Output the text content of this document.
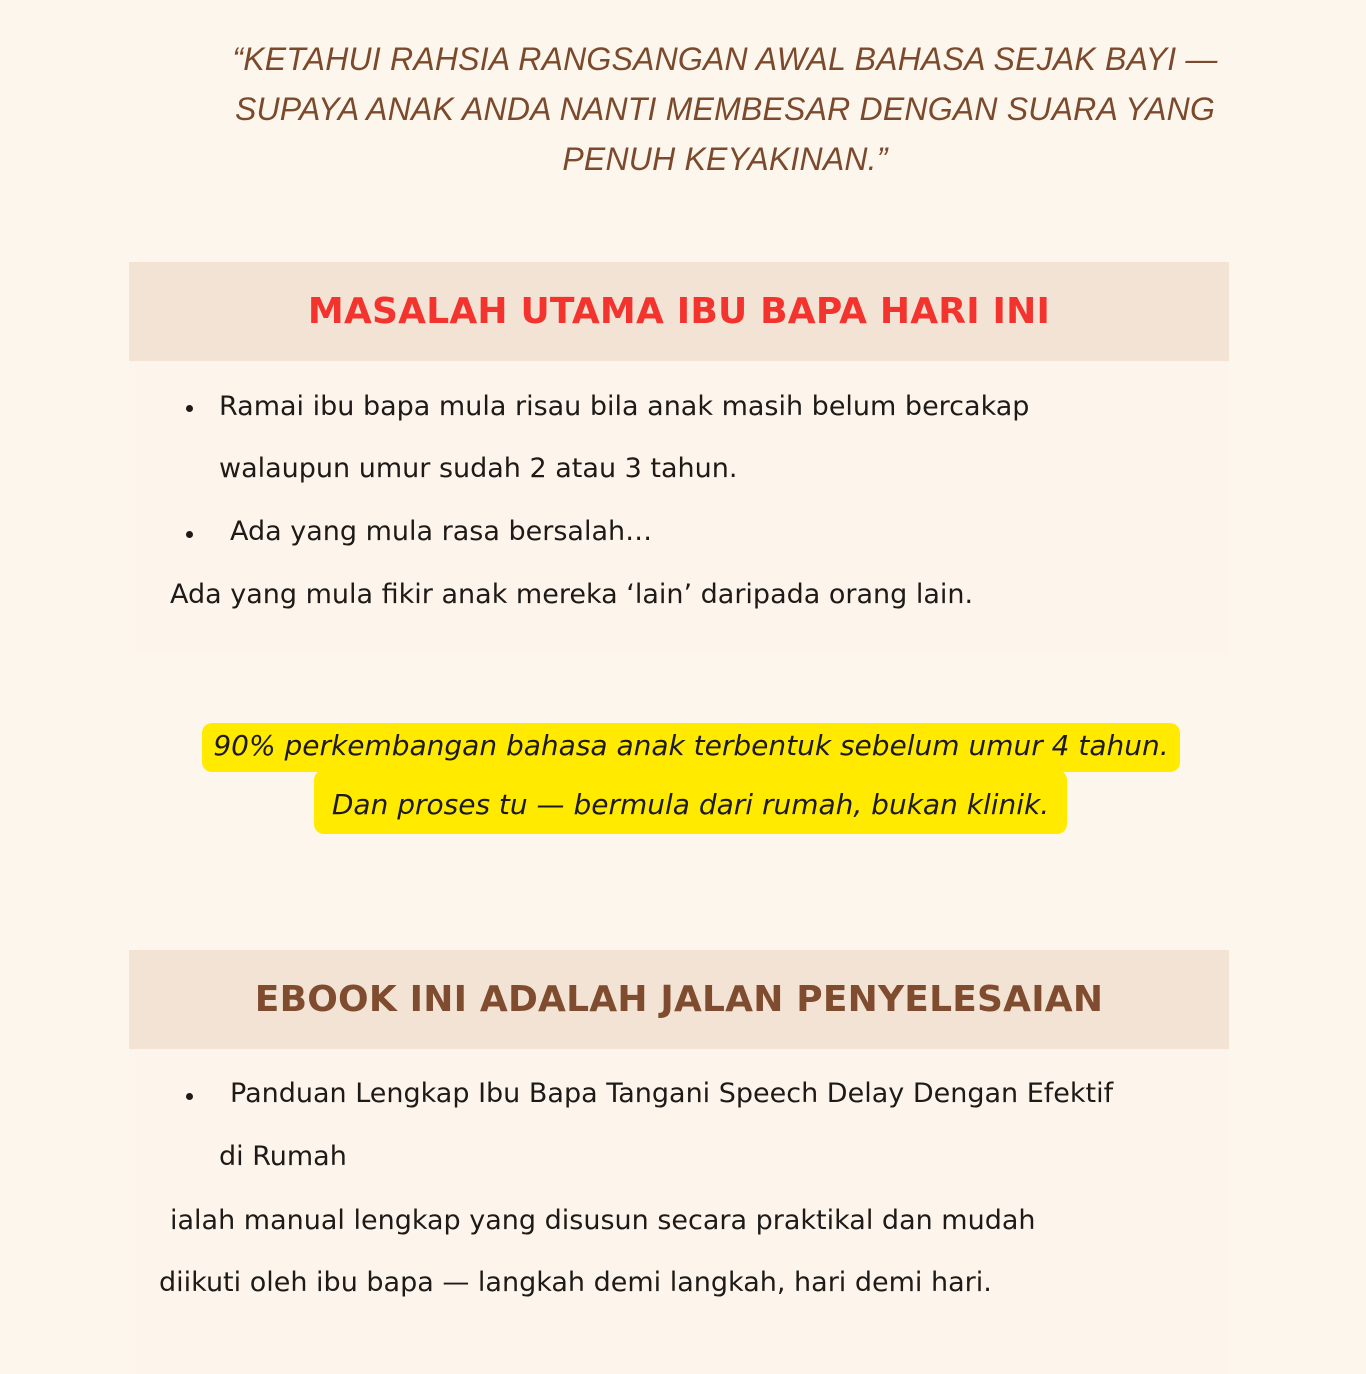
“KETAHUI RAHSIA RANGSANGAN AWAL BAHASA SEJAK BAYI —
SUPAYA ANAK ANDA NANTI MEMBESAR DENGAN SUARA YANG
PENUH KEYAKINAN.”
MASALAH UTAMA IBU BAPA HARI INI
Ramai ibu bapa mula risau bila anak masih belum bercakap
walaupun umur sudah 2 atau 3 tahun.
Ada yang mula rasa bersalah…
Ada yang mula fikir anak mereka ‘lain’ daripada orang lain.
Dan proses tu — bermula dari rumah, bukan klinik.
90% perkembangan bahasa anak terbentuk sebelum umur 4 tahun.
EBOOK INI ADALAH JALAN PENYELESAIAN
Panduan Lengkap Ibu Bapa Tangani Speech Delay Dengan Efektif
di Rumah
ialah manual lengkap yang disusun secara praktikal dan mudah
diikuti oleh ibu bapa — langkah demi langkah, hari demi hari.
